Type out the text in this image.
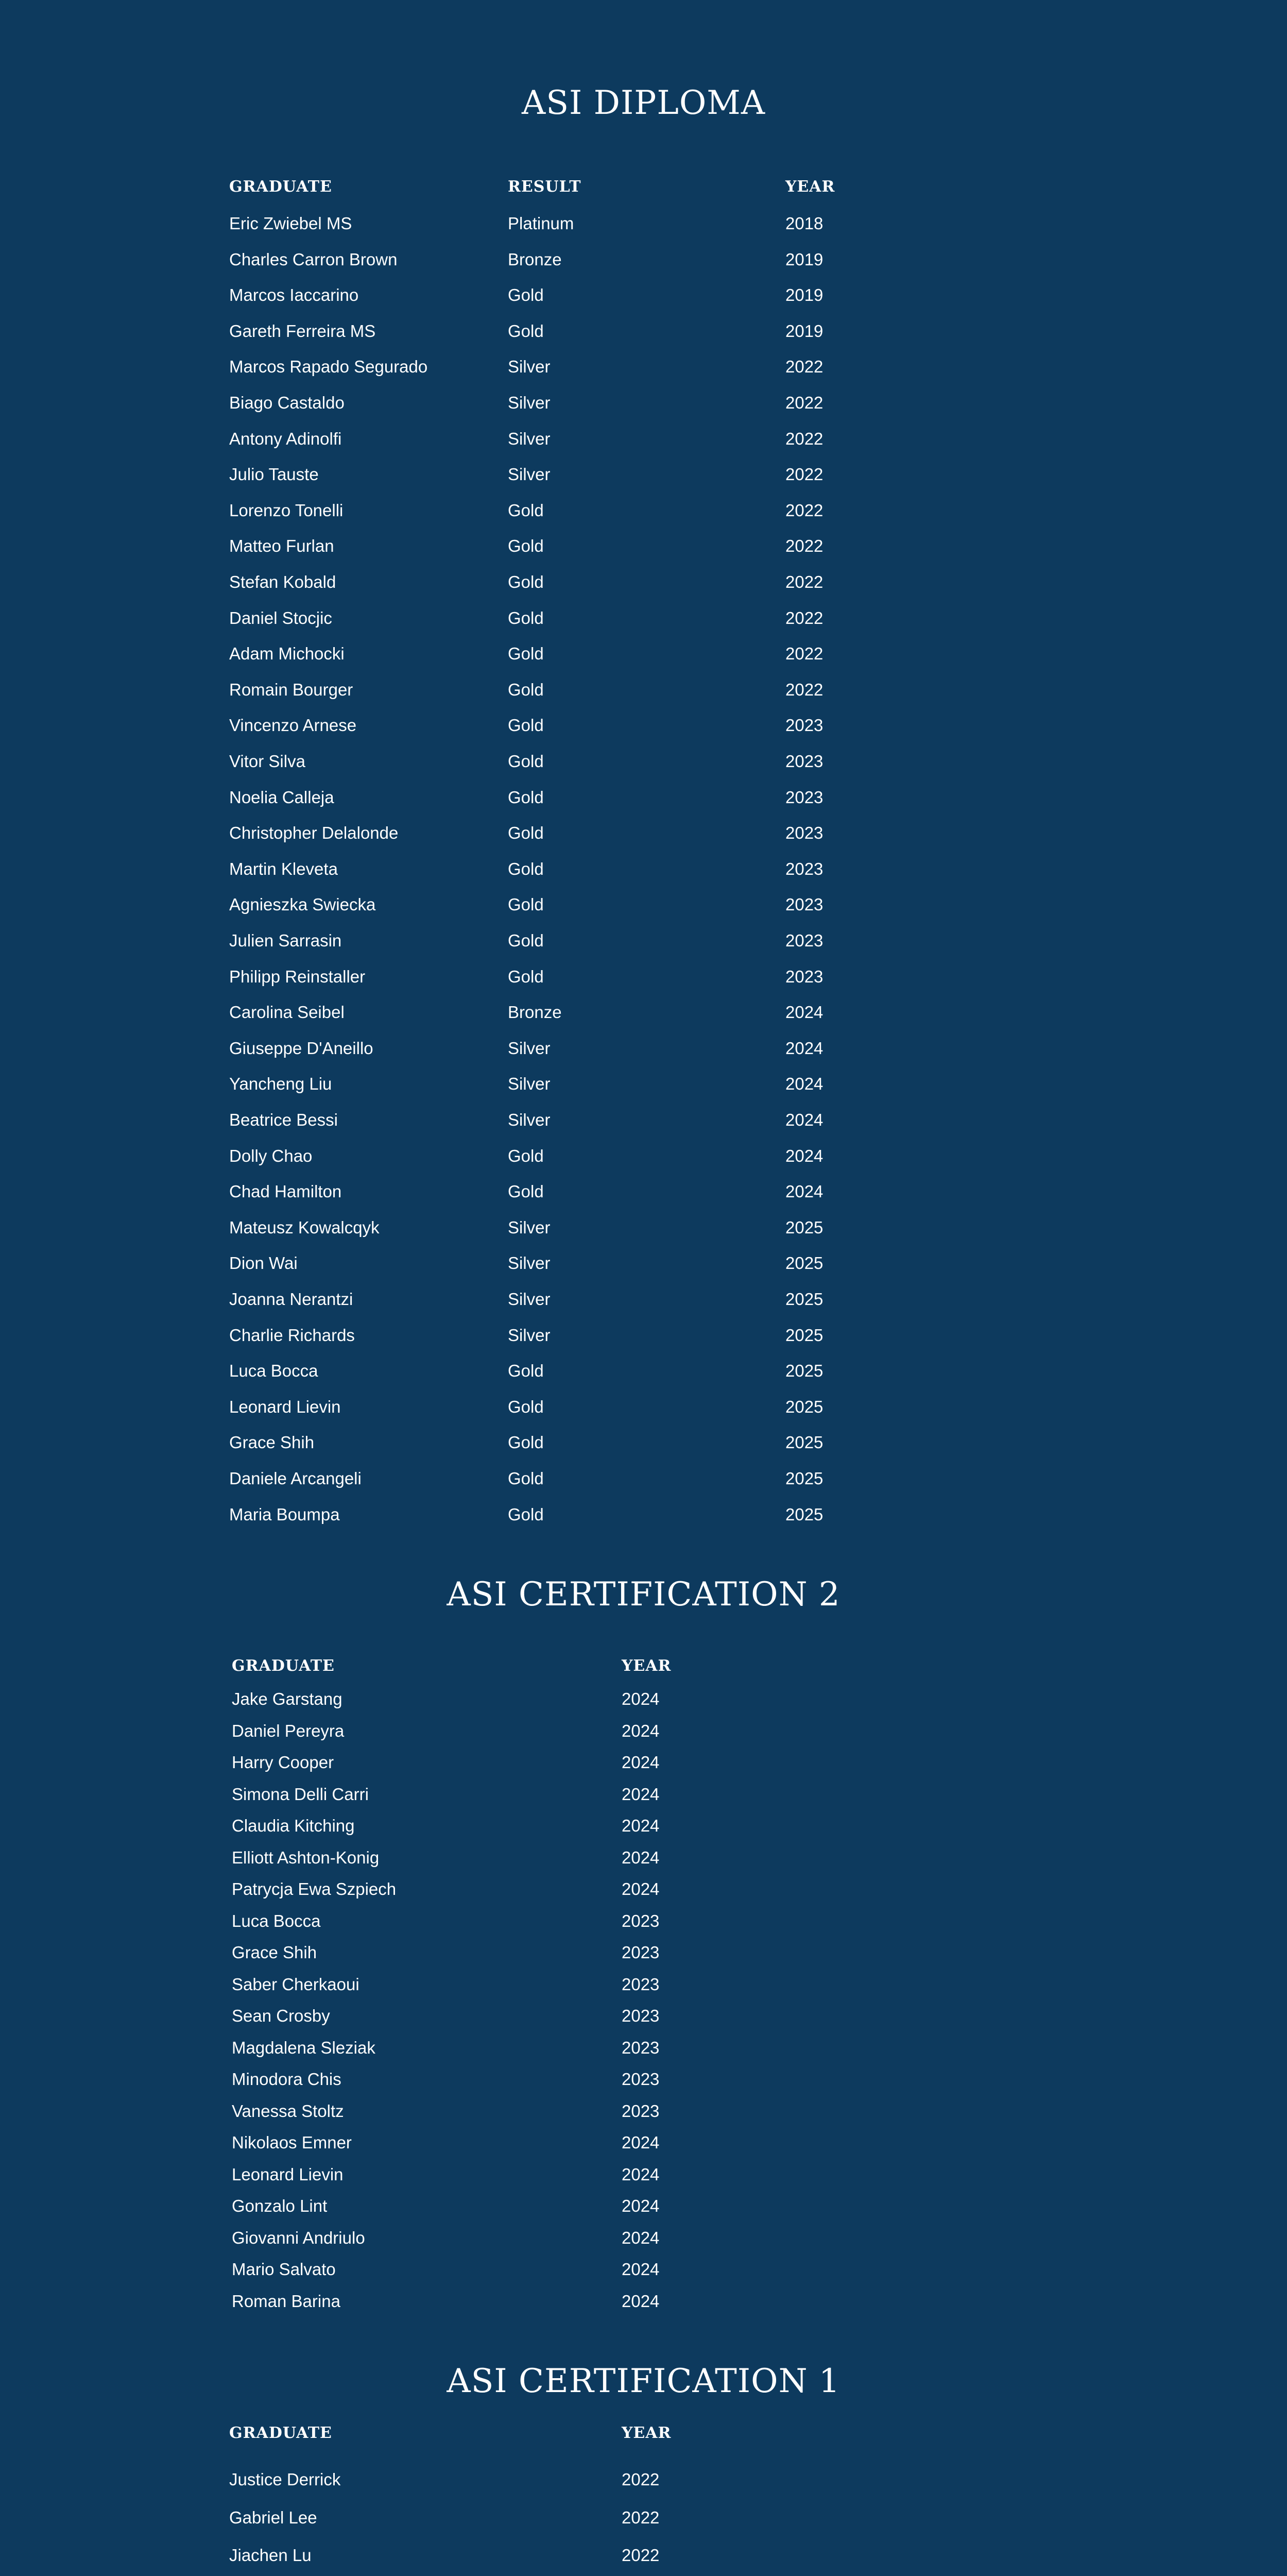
ASI DIPLOMA
GRADUATE	RESULT	YEAR
Eric Zwiebel MS	Platinum	2018
Charles Carron Brown	Bronze	2019
Marcos Iaccarino	Gold	2019
Gareth Ferreira MS	Gold	2019
Marcos Rapado Segurado	Silver	2022
Biago Castaldo	Silver	2022
Antony Adinolfi	Silver	2022
Julio Tauste	Silver	2022
Lorenzo Tonelli	Gold	2022
Matteo Furlan	Gold	2022
Stefan Kobald	Gold	2022
Daniel Stocjic	Gold	2022
Adam Michocki	Gold	2022
Romain Bourger	Gold	2022
Vincenzo Arnese	Gold	2023
Vitor Silva	Gold	2023
Noelia Calleja	Gold	2023
Christopher Delalonde	Gold	2023
Martin Kleveta	Gold	2023
Agnieszka Swiecka	Gold	2023
Julien Sarrasin	Gold	2023
Philipp Reinstaller	Gold	2023
Carolina Seibel	Bronze	2024
Giuseppe D'Aneillo	Silver	2024
Yancheng Liu	Silver	2024
Beatrice Bessi	Silver	2024
Dolly Chao	Gold	2024
Chad Hamilton	Gold	2024
Mateusz Kowalcqyk	Silver	2025
Dion Wai	Silver	2025
Joanna Nerantzi	Silver	2025
Charlie Richards	Silver	2025
Luca Bocca	Gold	2025
Leonard Lievin	Gold	2025
Grace Shih	Gold	2025
Daniele Arcangeli	Gold	2025
Maria Boumpa	Gold	2025
ASI CERTIFICATION 2
GRADUATE	YEAR
Jake Garstang	2024
Daniel Pereyra	2024
Harry Cooper	2024
Simona Delli Carri	2024
Claudia Kitching	2024
Elliott Ashton-Konig	2024
Patrycja Ewa Szpiech	2024
Luca Bocca	2023
Grace Shih	2023
Saber Cherkaoui	2023
Sean Crosby	2023
Magdalena Sleziak	2023
Minodora Chis	2023
Vanessa Stoltz	2023
Nikolaos Emner	2024
Leonard Lievin	2024
Gonzalo Lint	2024
Giovanni Andriulo	2024
Mario Salvato	2024
Roman Barina	2024
ASI CERTIFICATION 1
GRADUATE	YEAR
Justice Derrick	2022
Gabriel Lee	2022
Jiachen Lu	2022
